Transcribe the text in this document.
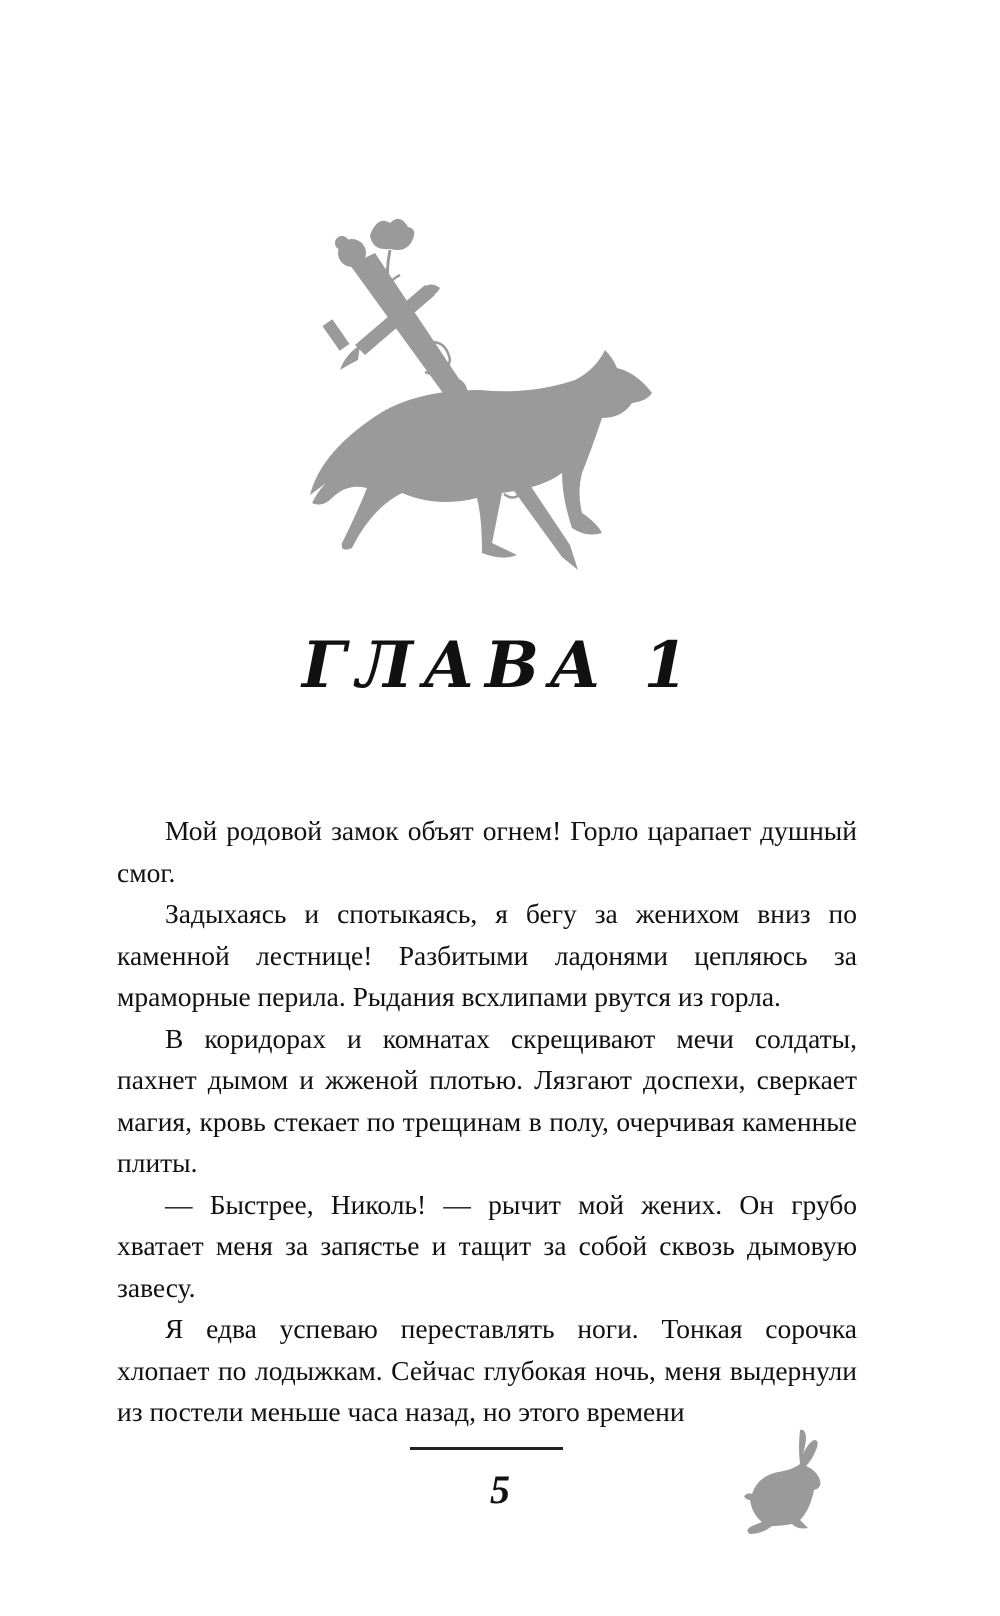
ГЛАВА 1

Мой родовой замок объят огнем! Горло царапает душный смог.

Задыхаясь и спотыкаясь, я бегу за женихом вниз по каменной лестнице! Разбитыми ладонями цепляюсь за мраморные перила. Рыдания всхлипами рвутся из горла.

В коридорах и комнатах скрещивают мечи солдаты, пахнет дымом и жженой плотью. Лязгают доспехи, сверкает магия, кровь стекает по трещинам в полу, очерчивая каменные плиты.

— Быстрее, Николь! — рычит мой жених. Он грубо хватает меня за запястье и тащит за собой сквозь дымовую завесу.

Я едва успеваю переставлять ноги. Тонкая сорочка хлопает по лодыжкам. Сейчас глубокая ночь, меня выдернули из постели меньше часа назад, но этого времени

5
